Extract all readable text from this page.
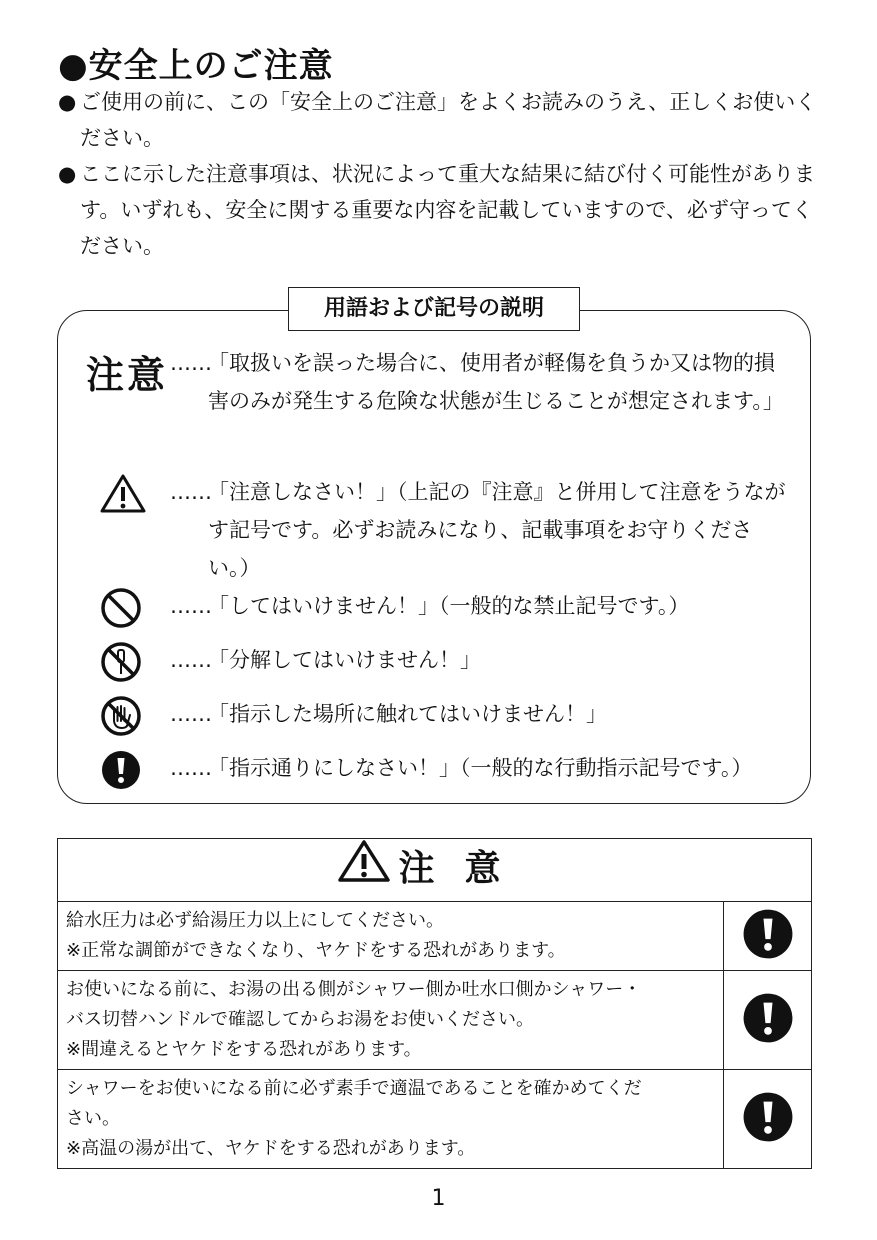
●安全上のご注意

● ご使用の前に、この「安全上のご注意」をよくお読みのうえ、正しくお使いください。

● ここに示した注意事項は、状況によって重大な結果に結び付く可能性があります。いずれも、安全に関する重要な内容を記載していますので、必ず守ってください。

用語および記号の説明
注意 ……
「取扱いを誤った場合に、使用者が軽傷を負うか又は物的損害のみが発生する危険な状態が生じることが想定されます。」
……
「注意しなさい！」（上記の『注意』と併用して注意をうながす記号です。必ずお読みになり、記載事項をお守りください。）
……
「してはいけません！」（一般的な禁止記号です。）
……
「分解してはいけません！」
……
「指示した場所に触れてはいけません！」
……
「指示通りにしなさい！」（一般的な行動指示記号です。）
注意	

給水圧力は必ず給湯圧力以上にしてください。
※正常な調節ができなくなり、ヤケドをする恐れがあります。

お使いになる前に、お湯の出る側がシャワー側か吐水口側かシャワー・
バス切替ハンドルで確認してからお湯をお使いください。
※間違えるとヤケドをする恐れがあります。

シャワーをお使いになる前に必ず素手で適温であることを確かめてくだ
さい。
※高温の湯が出て、ヤケドをする恐れがあります。

1
